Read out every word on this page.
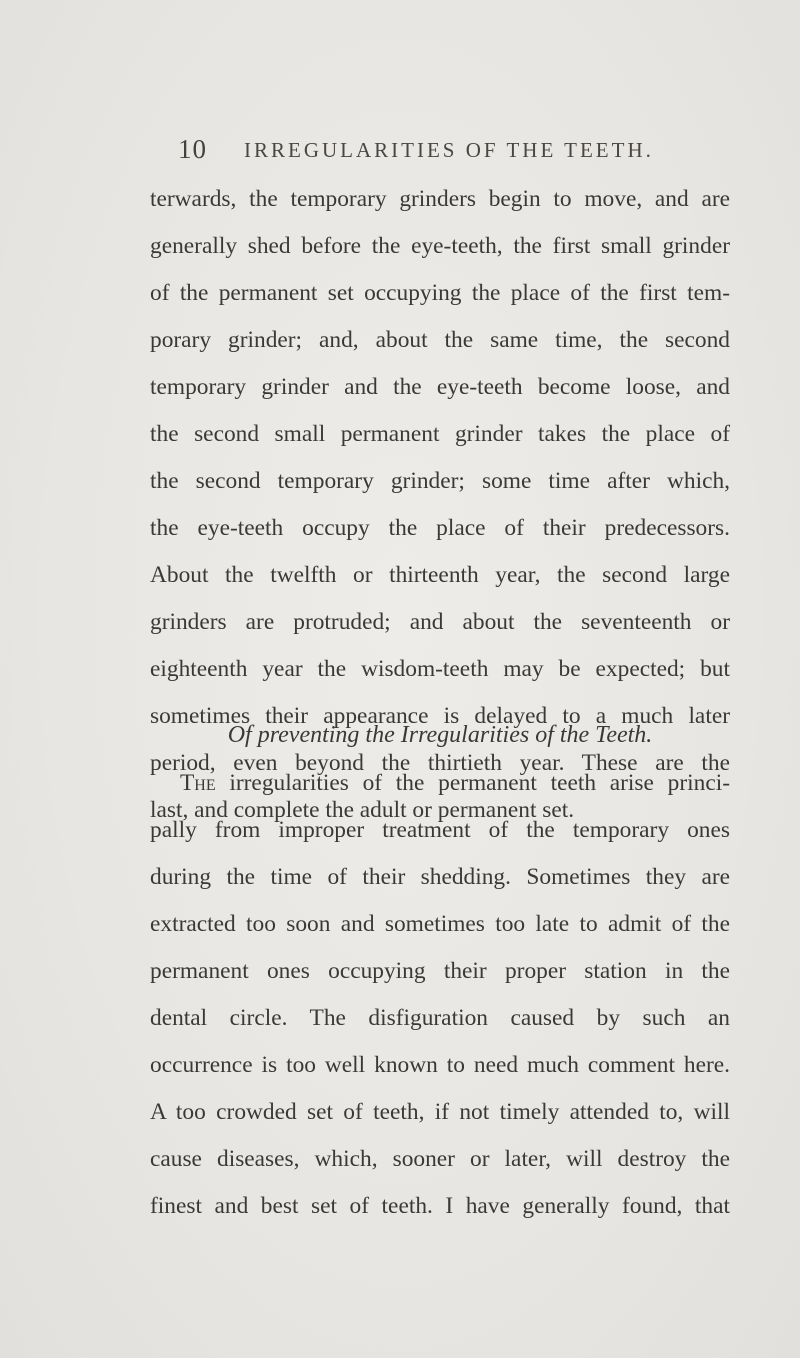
10 IRREGULARITIES OF THE TEETH.
terwards, the temporary grinders begin to move, and are
generally shed before the eye-teeth, the first small grinder
of the permanent set occupying the place of the first tem-
porary grinder; and, about the same time, the second
temporary grinder and the eye-teeth become loose, and
the second small permanent grinder takes the place of
the second temporary grinder; some time after which,
the eye-teeth occupy the place of their predecessors.
About the twelfth or thirteenth year, the second large
grinders are protruded; and about the seventeenth or
eighteenth year the wisdom-teeth may be expected; but
sometimes their appearance is delayed to a much later
period, even beyond the thirtieth year. These are the
last, and complete the adult or permanent set.
Of preventing the Irregularities of the Teeth.
The irregularities of the permanent teeth arise princi-
pally from improper treatment of the temporary ones
during the time of their shedding. Sometimes they are
extracted too soon and sometimes too late to admit of the
permanent ones occupying their proper station in the
dental circle. The disfiguration caused by such an
occurrence is too well known to need much comment here.
A too crowded set of teeth, if not timely attended to, will
cause diseases, which, sooner or later, will destroy the
finest and best set of teeth. I have generally found, that
